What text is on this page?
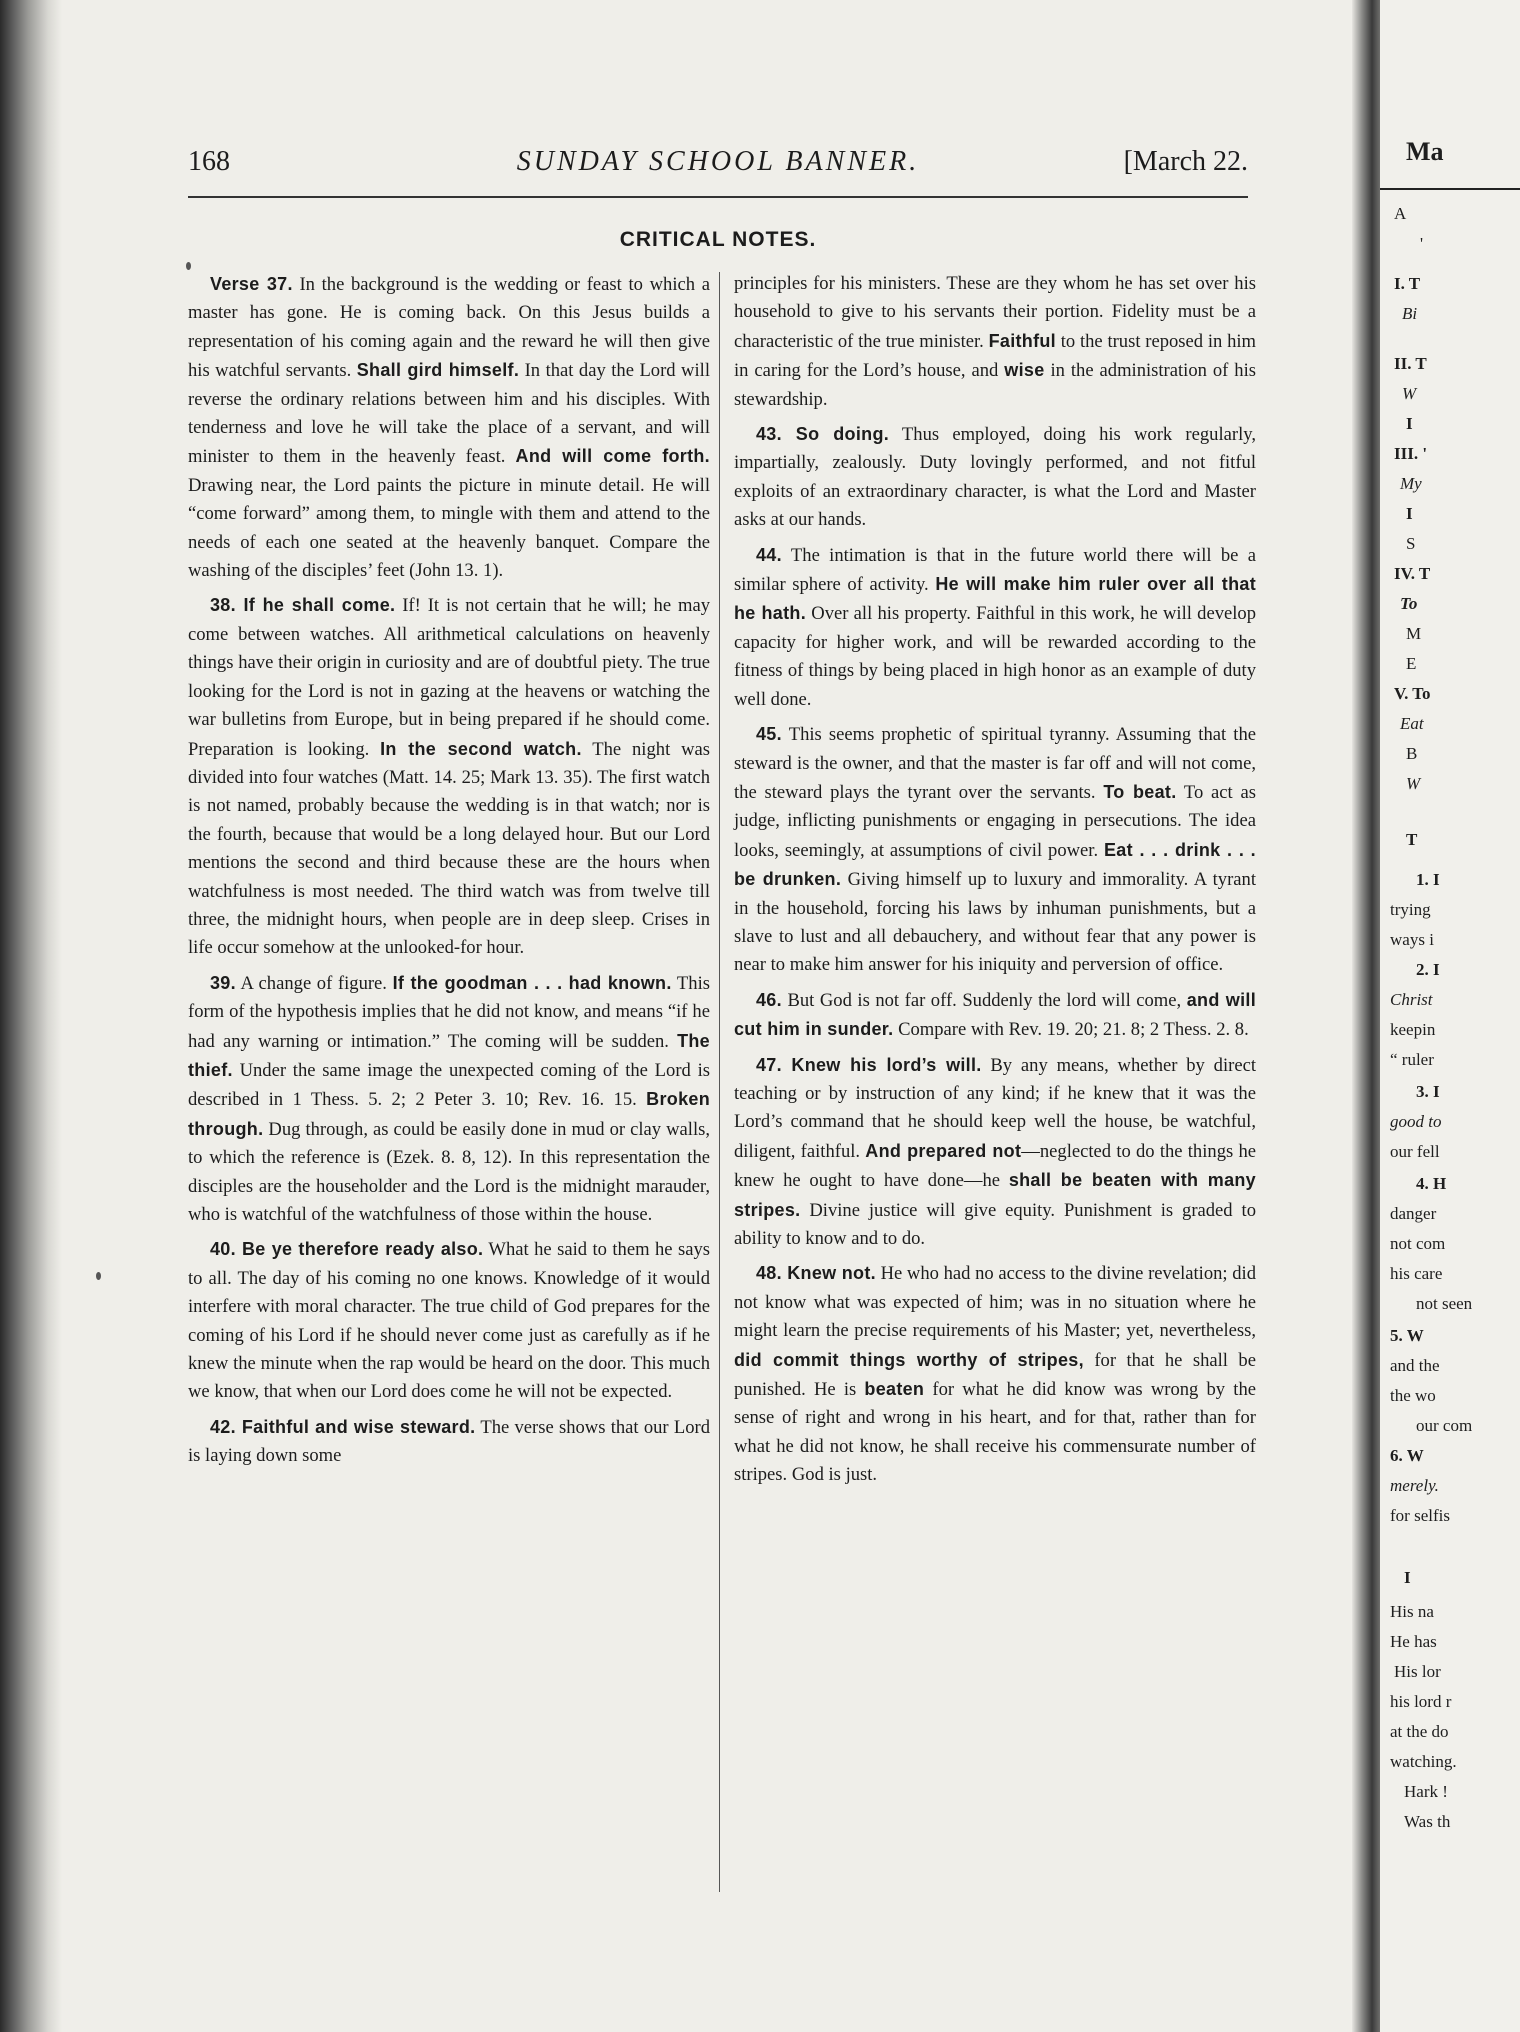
168	SUNDAY SCHOOL BANNER.	[March 22.
CRITICAL NOTES.

Verse 37. In the background is the wedding or feast to which a master has gone. He is coming back. On this Jesus builds a representation of his coming again and the reward he will then give his watchful servants. Shall gird himself. In that day the Lord will reverse the ordinary relations between him and his disciples. With tenderness and love he will take the place of a servant, and will minister to them in the heavenly feast. And will come forth. Drawing near, the Lord paints the picture in minute detail. He will “come forward” among them, to mingle with them and attend to the needs of each one seated at the heavenly banquet. Compare the washing of the disciples’ feet (John 13. 1).

38. If he shall come. If! It is not certain that he will; he may come between watches. All arithmetical calculations on heavenly things have their origin in curiosity and are of doubtful piety. The true looking for the Lord is not in gazing at the heavens or watching the war bulletins from Europe, but in being prepared if he should come. Preparation is looking. In the second watch. The night was divided into four watches (Matt. 14. 25; Mark 13. 35). The first watch is not named, probably because the wedding is in that watch; nor is the fourth, because that would be a long delayed hour. But our Lord mentions the second and third because these are the hours when watchfulness is most needed. The third watch was from twelve till three, the midnight hours, when people are in deep sleep. Crises in life occur somehow at the unlooked-for hour.

39. A change of figure. If the goodman . . . had known. This form of the hypothesis implies that he did not know, and means “if he had any warning or intimation.” The coming will be sudden. The thief. Under the same image the unexpected coming of the Lord is described in 1 Thess. 5. 2; 2 Peter 3. 10; Rev. 16. 15. Broken through. Dug through, as could be easily done in mud or clay walls, to which the reference is (Ezek. 8. 8, 12). In this representation the disciples are the householder and the Lord is the midnight marauder, who is watchful of the watchfulness of those within the house.

40. Be ye therefore ready also. What he said to them he says to all. The day of his coming no one knows. Knowledge of it would interfere with moral character. The true child of God prepares for the coming of his Lord if he should never come just as carefully as if he knew the minute when the rap would be heard on the door. This much we know, that when our Lord does come he will not be expected.

42. Faithful and wise steward. The verse shows that our Lord is laying down some

principles for his ministers. These are they whom he has set over his household to give to his servants their portion. Fidelity must be a characteristic of the true minister. Faithful to the trust reposed in him in caring for the Lord’s house, and wise in the administration of his stewardship.

43. So doing. Thus employed, doing his work regularly, impartially, zealously. Duty lovingly performed, and not fitful exploits of an extraordinary character, is what the Lord and Master asks at our hands.

44. The intimation is that in the future world there will be a similar sphere of activity. He will make him ruler over all that he hath. Over all his property. Faithful in this work, he will develop capacity for higher work, and will be rewarded according to the fitness of things by being placed in high honor as an example of duty well done.

45. This seems prophetic of spiritual tyranny. Assuming that the steward is the owner, and that the master is far off and will not come, the steward plays the tyrant over the servants. To beat. To act as judge, inflicting punishments or engaging in persecutions. The idea looks, seemingly, at assumptions of civil power. Eat . . . drink . . . be drunken. Giving himself up to luxury and immorality. A tyrant in the household, forcing his laws by inhuman punishments, but a slave to lust and all debauchery, and without fear that any power is near to make him answer for his iniquity and perversion of office.

46. But God is not far off. Suddenly the lord will come, and will cut him in sunder. Compare with Rev. 19. 20; 21. 8; 2 Thess. 2. 8.

47. Knew his lord’s will. By any means, whether by direct teaching or by instruction of any kind; if he knew that it was the Lord’s command that he should keep well the house, be watchful, diligent, faithful. And prepared not—neglected to do the things he knew he ought to have done—he shall be beaten with many stripes. Divine justice will give equity. Punishment is graded to ability to know and to do.

48. Knew not. He who had no access to the divine revelation; did not know what was expected of him; was in no situation where he might learn the precise requirements of his Master; yet, nevertheless, did commit things worthy of stripes, for that he shall be punished. He is beaten for what he did know was wrong by the sense of right and wrong in his heart, and for that, rather than for what he did not know, he shall receive his commensurate number of stripes. God is just.

Ma
A
'
I. T
Bi
II. T
W
I
III. '
My
I
S
IV. T
To
M
E
V. To
Eat
B
W
T
1. I
trying
ways i
2. I
Christ
keepin
“ ruler
3. I
good to
our fell
4. H
danger
not com
his care
not seen
5. W
and the
the wo
our com
6. W
merely.
for selfis
I
His na
He has
His lor
his lord r
at the do
watching.
Hark !
Was th
